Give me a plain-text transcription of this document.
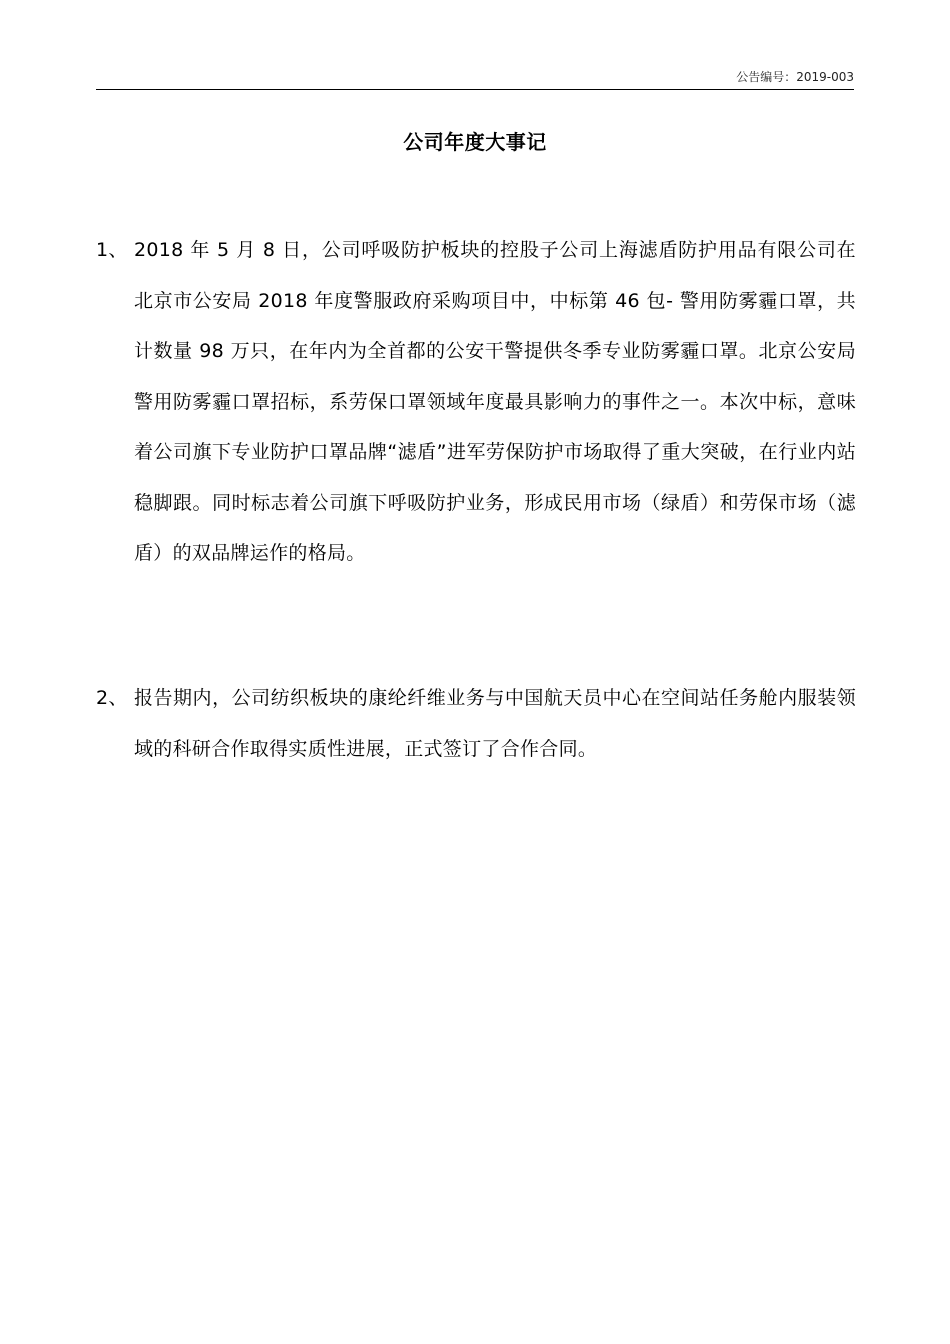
公告编号：2019-003
公司年度大事记
1、 2018 年 5 月 8 日，公司呼吸防护板块的控股子公司上海滤盾防护用品有限公司在北京市公安局 2018 年度警服政府采购项目中，中标第 46 包- 警用防雾霾口罩，共计数量 98 万只，在年内为全首都的公安干警提供冬季专业防雾霾口罩。北京公安局警用防雾霾口罩招标，系劳保口罩领域年度最具影响力的事件之一。本次中标，意味着公司旗下专业防护口罩品牌“滤盾”进军劳保防护市场取得了重大突破，在行业内站稳脚跟。同时标志着公司旗下呼吸防护业务，形成民用市场（绿盾）和劳保市场（滤盾）的双品牌运作的格局。
2、 报告期内，公司纺织板块的康纶纤维业务与中国航天员中心在空间站任务舱内服装领域的科研合作取得实质性进展，正式签订了合作合同。
